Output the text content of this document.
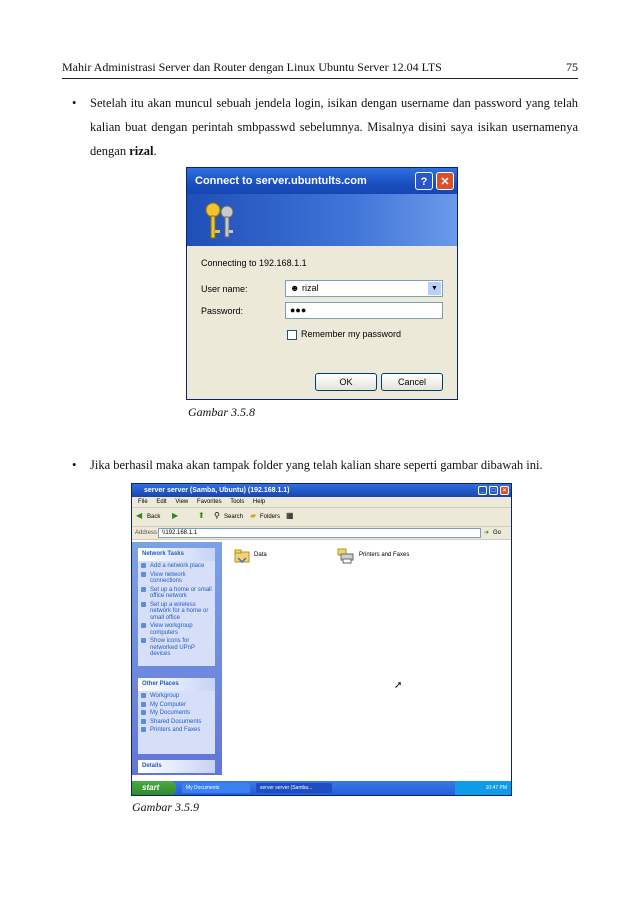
Mahir Administrasi Server dan Router dengan Linux Ubuntu Server 12.04 LTS	75
• Setelah itu akan muncul sebuah jendela login, isikan dengan username dan password yang telah kalian buat dengan perintah smbpasswd sebelumnya. Misalnya disini saya isikan usernamenya dengan rizal.
Connect to server.ubuntults.com	?	✕
Connecting to 192.168.1.1
User name:	☻ rizal	▼
Password:	●●●
Remember my password
OK	Cancel
Gambar 3.5.8
• Jika berhasil maka akan tampak folder yang telah kalian share seperti gambar dibawah ini.
server server (Samba, Ubuntu) (192.168.1.1)	_	□	×
File Edit View Favorites Tools Help
◀ Back ▶ ⬆ ⚲ Search ▰ Folders ▦
Address \\192.168.1.1	➔ Go
Network Tasks
Add a network place
View network connections
Set up a home or small office network
Set up a wireless network for a home or small office
View workgroup computers
Show icons for networked UPnP devices
Other Places
Workgroup
My Computer
My Documents
Shared Documents
Printers and Faxes
Details
Data	Printers and Faxes
➚
start	My Documents	server server (Samba...	10:47 PM
Gambar 3.5.9
